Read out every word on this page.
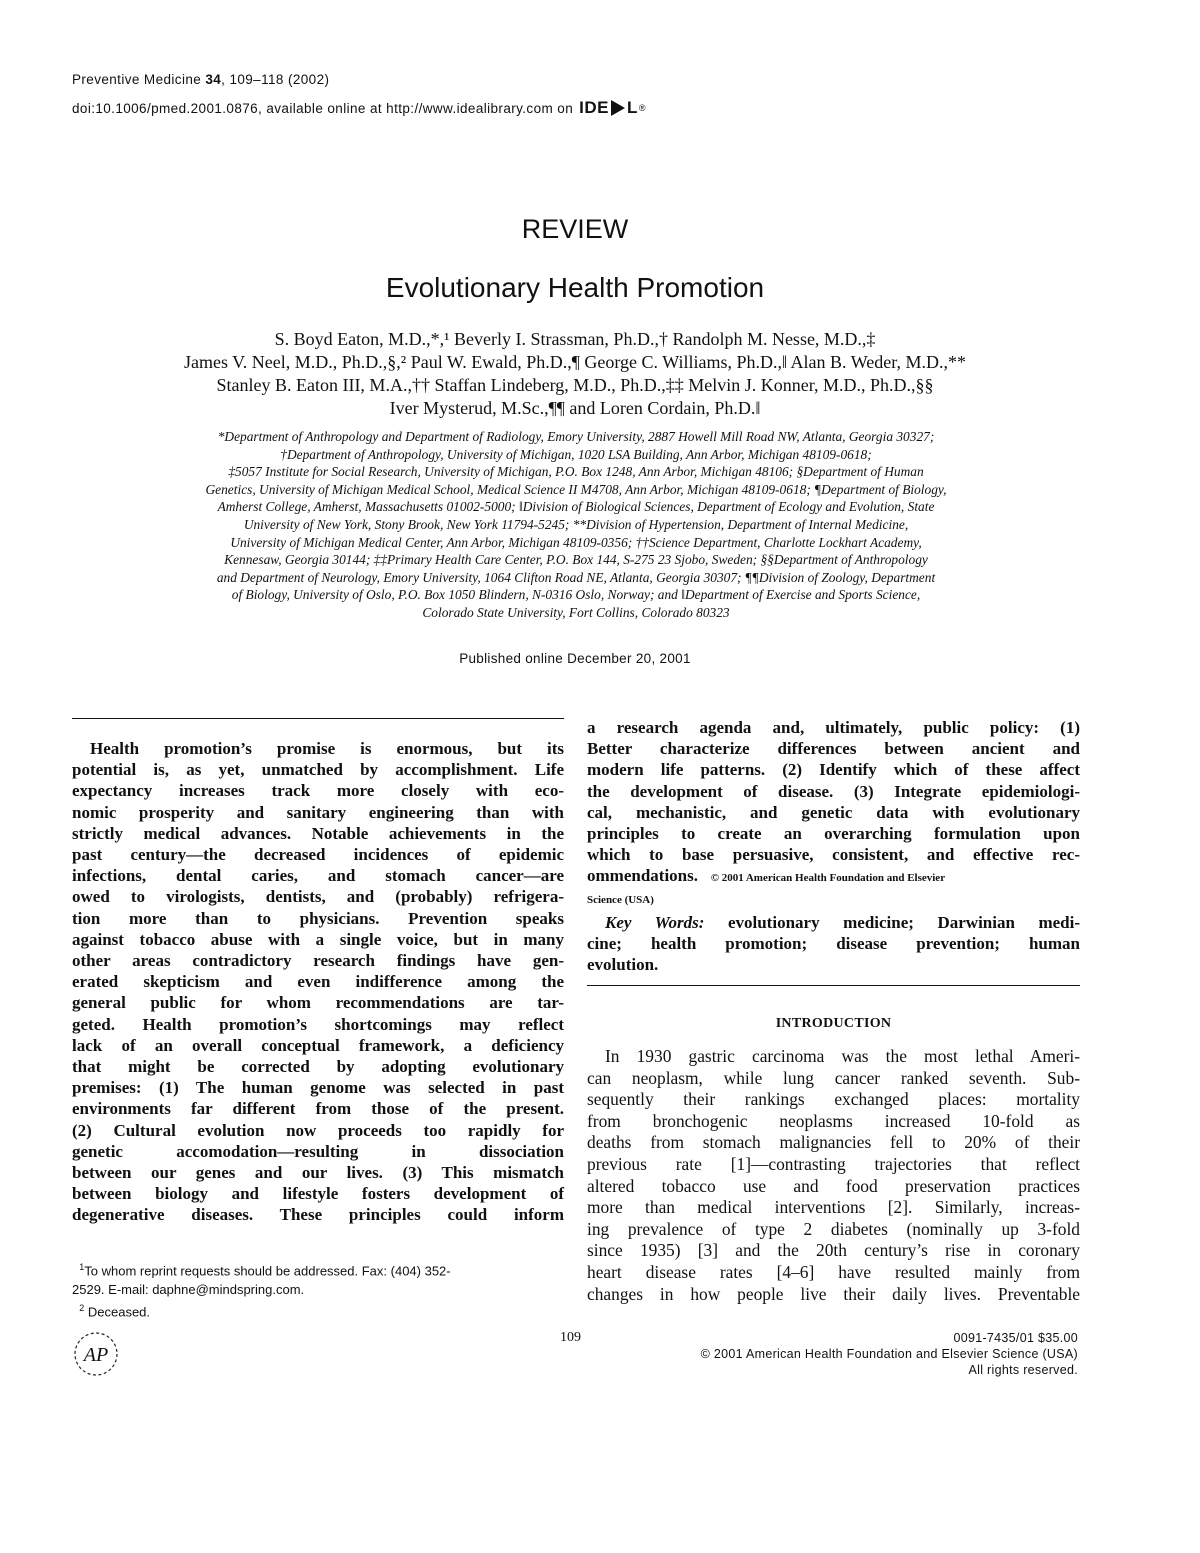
Preventive Medicine 34, 109–118 (2002)
doi:10.1006/pmed.2001.0876, available online at http://www.idealibrary.com on IDE L ®
REVIEW
Evolutionary Health Promotion
S. Boyd Eaton, M.D.,*,¹ Beverly I. Strassman, Ph.D.,† Randolph M. Nesse, M.D.,‡
James V. Neel, M.D., Ph.D.,§,² Paul W. Ewald, Ph.D.,¶ George C. Williams, Ph.D.,‖ Alan B. Weder, M.D.,**
Stanley B. Eaton III, M.A.,†† Staffan Lindeberg, M.D., Ph.D.,‡‡ Melvin J. Konner, M.D., Ph.D.,§§
Iver Mysterud, M.Sc.,¶¶ and Loren Cordain, Ph.D.‖
*Department of Anthropology and Department of Radiology, Emory University, 2887 Howell Mill Road NW, Atlanta, Georgia 30327;
†Department of Anthropology, University of Michigan, 1020 LSA Building, Ann Arbor, Michigan 48109-0618;
‡5057 Institute for Social Research, University of Michigan, P.O. Box 1248, Ann Arbor, Michigan 48106; §Department of Human
Genetics, University of Michigan Medical School, Medical Science II M4708, Ann Arbor, Michigan 48109-0618; ¶Department of Biology,
Amherst College, Amherst, Massachusetts 01002-5000; ‖Division of Biological Sciences, Department of Ecology and Evolution, State
University of New York, Stony Brook, New York 11794-5245; **Division of Hypertension, Department of Internal Medicine,
University of Michigan Medical Center, Ann Arbor, Michigan 48109-0356; ††Science Department, Charlotte Lockhart Academy,
Kennesaw, Georgia 30144; ‡‡Primary Health Care Center, P.O. Box 144, S-275 23 Sjobo, Sweden; §§Department of Anthropology
and Department of Neurology, Emory University, 1064 Clifton Road NE, Atlanta, Georgia 30307; ¶¶Division of Zoology, Department
of Biology, University of Oslo, P.O. Box 1050 Blindern, N-0316 Oslo, Norway; and ‖Department of Exercise and Sports Science,
Colorado State University, Fort Collins, Colorado 80323
Published online December 20, 2001
Health promotion’s promise is enormous, but its
potential is, as yet, unmatched by accomplishment. Life
expectancy increases track more closely with eco-
nomic prosperity and sanitary engineering than with
strictly medical advances. Notable achievements in the
past century—the decreased incidences of epidemic
infections, dental caries, and stomach cancer—are
owed to virologists, dentists, and (probably) refrigera-
tion more than to physicians. Prevention speaks
against tobacco abuse with a single voice, but in many
other areas contradictory research findings have gen-
erated skepticism and even indifference among the
general public for whom recommendations are tar-
geted. Health promotion’s shortcomings may reflect
lack of an overall conceptual framework, a deficiency
that might be corrected by adopting evolutionary
premises: (1) The human genome was selected in past
environments far different from those of the present.
(2) Cultural evolution now proceeds too rapidly for
genetic accomodation—resulting in dissociation
between our genes and our lives. (3) This mismatch
between biology and lifestyle fosters development of
degenerative diseases. These principles could inform
a research agenda and, ultimately, public policy: (1)
Better characterize differences between ancient and
modern life patterns. (2) Identify which of these affect
the development of disease. (3) Integrate epidemiologi-
cal, mechanistic, and genetic data with evolutionary
principles to create an overarching formulation upon
which to base persuasive, consistent, and effective rec-
ommendations. © 2001 American Health Foundation and Elsevier
Science (USA)
Key Words: evolutionary medicine; Darwinian medi-
cine; health promotion; disease prevention; human
evolution.
INTRODUCTION
In 1930 gastric carcinoma was the most lethal Ameri-
can neoplasm, while lung cancer ranked seventh. Sub-
sequently their rankings exchanged places: mortality
from bronchogenic neoplasms increased 10-fold as
deaths from stomach malignancies fell to 20% of their
previous rate [1]—contrasting trajectories that reflect
altered tobacco use and food preservation practices
more than medical interventions [2]. Similarly, increas-
ing prevalence of type 2 diabetes (nominally up 3-fold
since 1935) [3] and the 20th century’s rise in coronary
heart disease rates [4–6] have resulted mainly from
changes in how people live their daily lives. Preventable
$^1$To whom reprint requests should be addressed. Fax: (404) 352-
2529. E-mail: daphne@mindspring.com.
$^2$ Deceased.
AP
109	0091-7435/01 $35.00
© 2001 American Health Foundation and Elsevier Science (USA)
All rights reserved.
